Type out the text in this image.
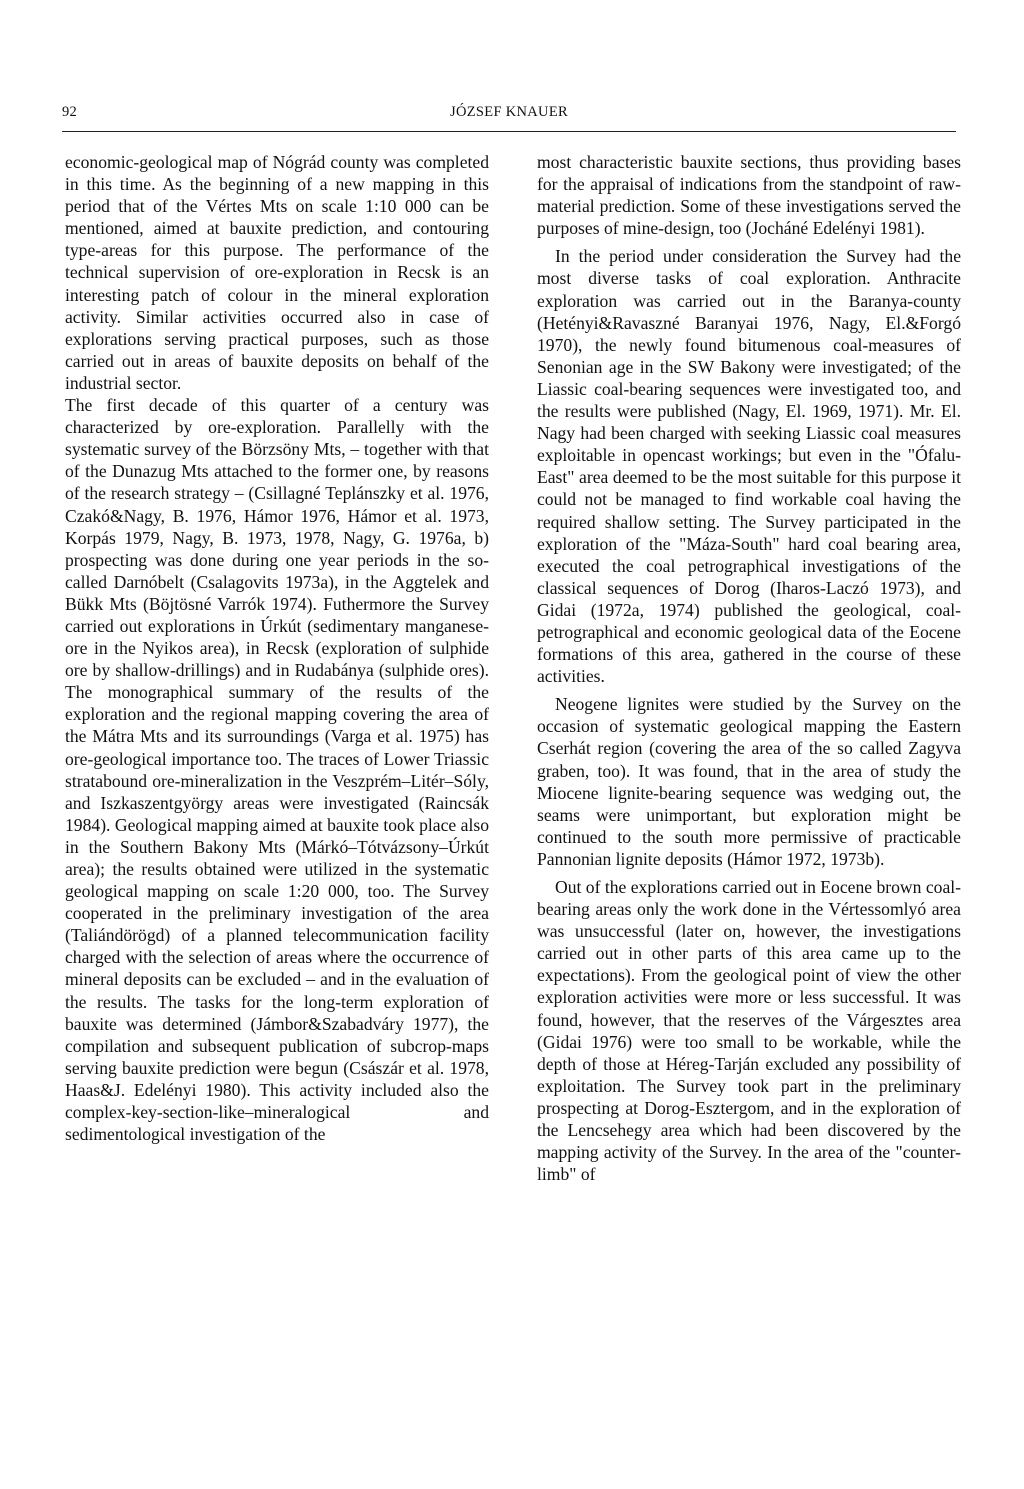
92	JÓZSEF KNAUER

economic-geological map of Nógrád county was completed in this time. As the beginning of a new mapping in this period that of the Vértes Mts on scale 1:10 000 can be mentioned, aimed at bauxite prediction, and contouring type-areas for this purpose. The performance of the technical supervision of ore-exploration in Recsk is an interesting patch of colour in the mineral exploration activity. Similar activities occurred also in case of explorations serving practical purposes, such as those carried out in areas of bauxite deposits on behalf of the industrial sector.

The first decade of this quarter of a century was characterized by ore-exploration. Parallelly with the systematic survey of the Börzsöny Mts, – together with that of the Dunazug Mts attached to the former one, by reasons of the research strategy – (Csillagné Teplánszky et al. 1976, Czakó&Nagy, B. 1976, Hámor 1976, Hámor et al. 1973, Korpás 1979, Nagy, B. 1973, 1978, Nagy, G. 1976a, b) prospecting was done during one year periods in the so-called Darnóbelt (Csalagovits 1973a), in the Aggtelek and Bükk Mts (Böjtösné Varrók 1974). Futhermore the Survey carried out explorations in Úrkút (sedimentary manganese-ore in the Nyikos area), in Recsk (exploration of sulphide ore by shallow-drillings) and in Rudabánya (sulphide ores). The monographical summary of the results of the exploration and the regional mapping covering the area of the Mátra Mts and its surroundings (Varga et al. 1975) has ore-geological importance too. The traces of Lower Triassic stratabound ore-mineralization in the Veszprém–Litér–Sóly, and Iszkaszentgyörgy areas were investigated (Raincsák 1984). Geological mapping aimed at bauxite took place also in the Southern Bakony Mts (Márkó–Tótvázsony–Úrkút area); the results obtained were utilized in the systematic geological mapping on scale 1:20 000, too. The Survey cooperated in the preliminary investigation of the area (Taliándörögd) of a planned telecommunication facility charged with the selection of areas where the occurrence of mineral deposits can be excluded – and in the evaluation of the results. The tasks for the long-term exploration of bauxite was determined (Jámbor&Szabadváry 1977), the compilation and subsequent publication of subcrop-maps serving bauxite prediction were begun (Császár et al. 1978, Haas&J. Edelényi 1980). This activity included also the complex-key-section-like–mineralogical and sedimentological investigation of the

most characteristic bauxite sections, thus providing bases for the appraisal of indications from the standpoint of raw-material prediction. Some of these investigations served the purposes of mine-design, too (Jocháné Edelényi 1981).

In the period under consideration the Survey had the most diverse tasks of coal exploration. Anthracite exploration was carried out in the Baranya-county (Hetényi&Ravaszné Baranyai 1976, Nagy, El.&Forgó 1970), the newly found bitumenous coal-measures of Senonian age in the SW Bakony were investigated; of the Liassic coal-bearing sequences were investigated too, and the results were published (Nagy, El. 1969, 1971). Mr. El. Nagy had been charged with seeking Liassic coal measures exploitable in opencast workings; but even in the "Ófalu-East" area deemed to be the most suitable for this purpose it could not be managed to find workable coal having the required shallow setting. The Survey participated in the exploration of the "Máza-South" hard coal bearing area, executed the coal petrographical investigations of the classical sequences of Dorog (Iharos-Laczó 1973), and Gidai (1972a, 1974) published the geological, coal-petrographical and economic geological data of the Eocene formations of this area, gathered in the course of these activities.

Neogene lignites were studied by the Survey on the occasion of systematic geological mapping the Eastern Cserhát region (covering the area of the so called Zagyva graben, too). It was found, that in the area of study the Miocene lignite-bearing sequence was wedging out, the seams were unimportant, but exploration might be continued to the south more permissive of practicable Pannonian lignite deposits (Hámor 1972, 1973b).

Out of the explorations carried out in Eocene brown coal-bearing areas only the work done in the Vértessomlyó area was unsuccessful (later on, however, the investigations carried out in other parts of this area came up to the expectations). From the geological point of view the other exploration activities were more or less successful. It was found, however, that the reserves of the Várgesztes area (Gidai 1976) were too small to be workable, while the depth of those at Héreg-Tarján excluded any possibility of exploitation. The Survey took part in the preliminary prospecting at Dorog-Esztergom, and in the exploration of the Lencsehegy area which had been discovered by the mapping activity of the Survey. In the area of the "counter-limb" of
